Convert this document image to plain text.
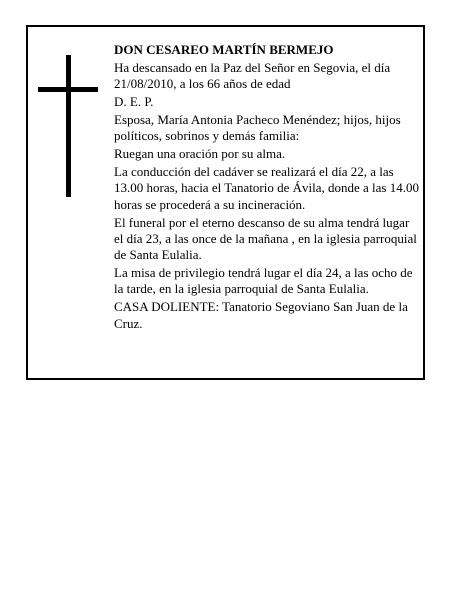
DON CESAREO MARTÍN BERMEJO

Ha descansado en la Paz del Señor en Segovia, el día 21/08/2010, a los 66 años de edad

D. E. P.

Esposa, María Antonia Pacheco Menéndez; hijos, hijos políticos, sobrinos y demás familia:

Ruegan una oración por su alma.

La conducción del cadáver se realizará el día 22, a las 13.00 horas, hacia el Tanatorio de Ávila, donde a las 14.00 horas se procederá a su incineración.

El funeral por el eterno descanso de su alma tendrá lugar el día 23, a las once de la mañana , en la iglesia parroquial de Santa Eulalia.

La misa de privilegio tendrá lugar el día 24, a las ocho de la tarde, en la iglesia parroquial de Santa Eulalia.

CASA DOLIENTE: Tanatorio Segoviano San Juan de la Cruz.
